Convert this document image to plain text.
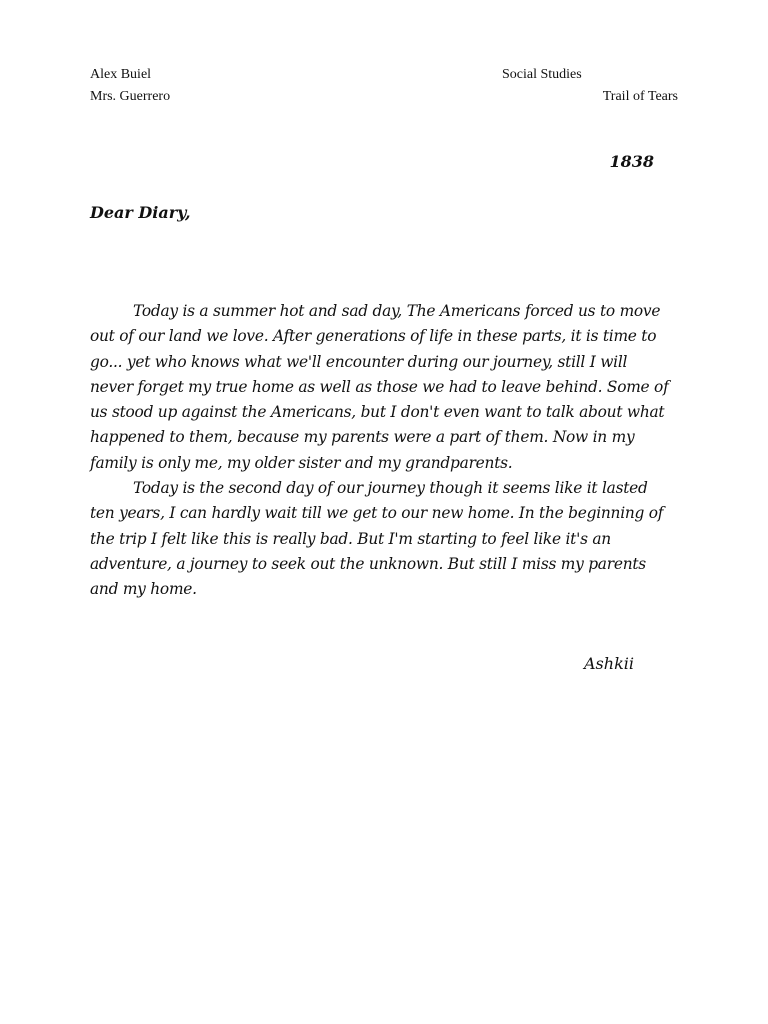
Alex Buiel	Social Studies
Mrs. Guerrero	Trail of Tears
1838
Dear Diary,

Today is a summer hot and sad day, The Americans forced us to move out of our land we love. After generations of life in these parts, it is time to go... yet who knows what we'll encounter during our journey, still I will never forget my true home as well as those we had to leave behind. Some of us stood up against the Americans, but I don't even want to talk about what happened to them, because my parents were a part of them. Now in my family is only me, my older sister and my grandparents.

Today is the second day of our journey though it seems like it lasted ten years, I can hardly wait till we get to our new home. In the beginning of the trip I felt like this is really bad. But I'm starting to feel like it's an adventure, a journey to seek out the unknown. But still I miss my parents and my home.

Ashkii
